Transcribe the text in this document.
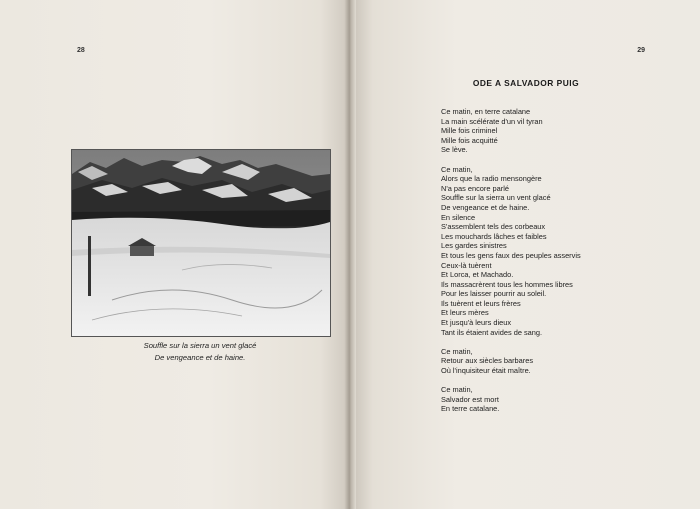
28
Souffle sur la sierra un vent glacé
De vengeance et de haine.
29
ODE A SALVADOR PUIG
Ce matin, en terre catalane
La main scélérate d'un vil tyran
Mille fois criminel
Mille fois acquitté
Se lève.
Ce matin,
Alors que la radio mensongère
N'a pas encore parlé
Souffle sur la sierra un vent glacé
De vengeance et de haine.
En silence
S'assemblent tels des corbeaux
Les mouchards lâches et faibles
Les gardes sinistres
Et tous les gens faux des peuples asservis
Ceux-là tuèrent
Et Lorca, et Machado.
Ils massacrèrent tous les hommes libres
Pour les laisser pourrir au soleil.
Ils tuèrent et leurs frères
Et leurs mères
Et jusqu'à leurs dieux
Tant ils étaient avides de sang.
Ce matin,
Retour aux siècles barbares
Où l'inquisiteur était maître.
Ce matin,
Salvador est mort
En terre catalane.
